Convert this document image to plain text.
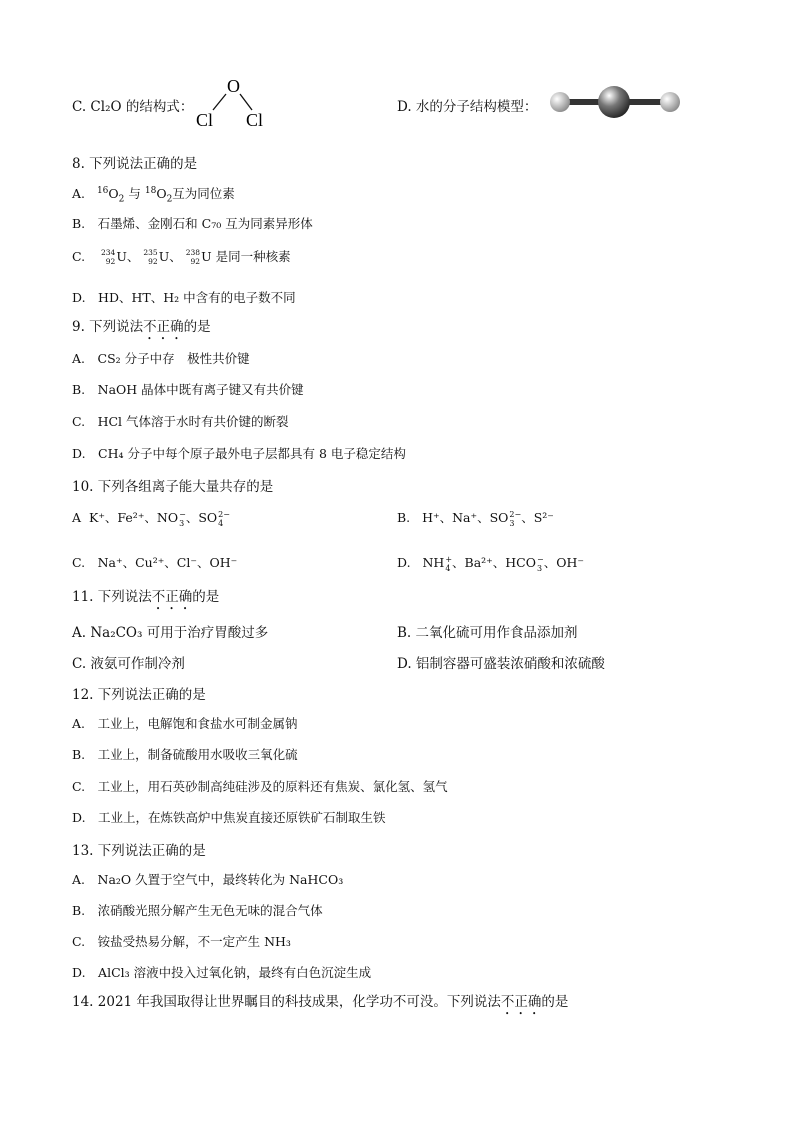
C. Cl₂O 的结构式：
O
Cl Cl
D. 水的分子结构模型：
8. 下列说法正确的是
A. $^{16}O_2$ 与 $^{18}O_2$互为同位素
B.　石墨烯、金刚石和 C₇₀ 互为同素异形体
C. 234
92 U、 235
92 U、 238
92 U 是同一种核素
D.　HD、HT、H₂ 中含有的电子数不同
9. 下列说法不正确的是
A.　CS₂ 分子中存　极性共价键
B.　NaOH 晶体中既有离子键又有共价键
C.　HCl 气体溶于水时有共价键的断裂
D.　CH₄ 分子中每个原子最外电子层都具有 8 电子稳定结构
10. 下列各组离子能大量共存的是
A K⁺、Fe²⁺、NO −
3 、SO 2−
4	B. H⁺、Na⁺、SO 2−
3 、S²⁻
C.　Na⁺、Cu²⁺、Cl⁻、OH⁻	D. NH +
4 、Ba²⁺、HCO −
3 、OH⁻
11. 下列说法不正确的是
A. Na₂CO₃ 可用于治疗胃酸过多	B. 二氧化硫可用作食品添加剂
C. 液氨可作制冷剂	D. 铝制容器可盛装浓硝酸和浓硫酸
12. 下列说法正确的是
A.　工业上，电解饱和食盐水可制金属钠
B.　工业上，制备硫酸用水吸收三氧化硫
C.　工业上，用石英砂制高纯硅涉及的原料还有焦炭、氯化氢、氢气
D.　工业上，在炼铁高炉中焦炭直接还原铁矿石制取生铁
13. 下列说法正确的是
A.　Na₂O 久置于空气中，最终转化为 NaHCO₃
B.　浓硝酸光照分解产生无色无味的混合气体
C.　铵盐受热易分解，不一定产生 NH₃
D.　AlCl₃ 溶液中投入过氧化钠，最终有白色沉淀生成
14. 2021 年我国取得让世界瞩目的科技成果，化学功不可没。下列说法不正确的是
